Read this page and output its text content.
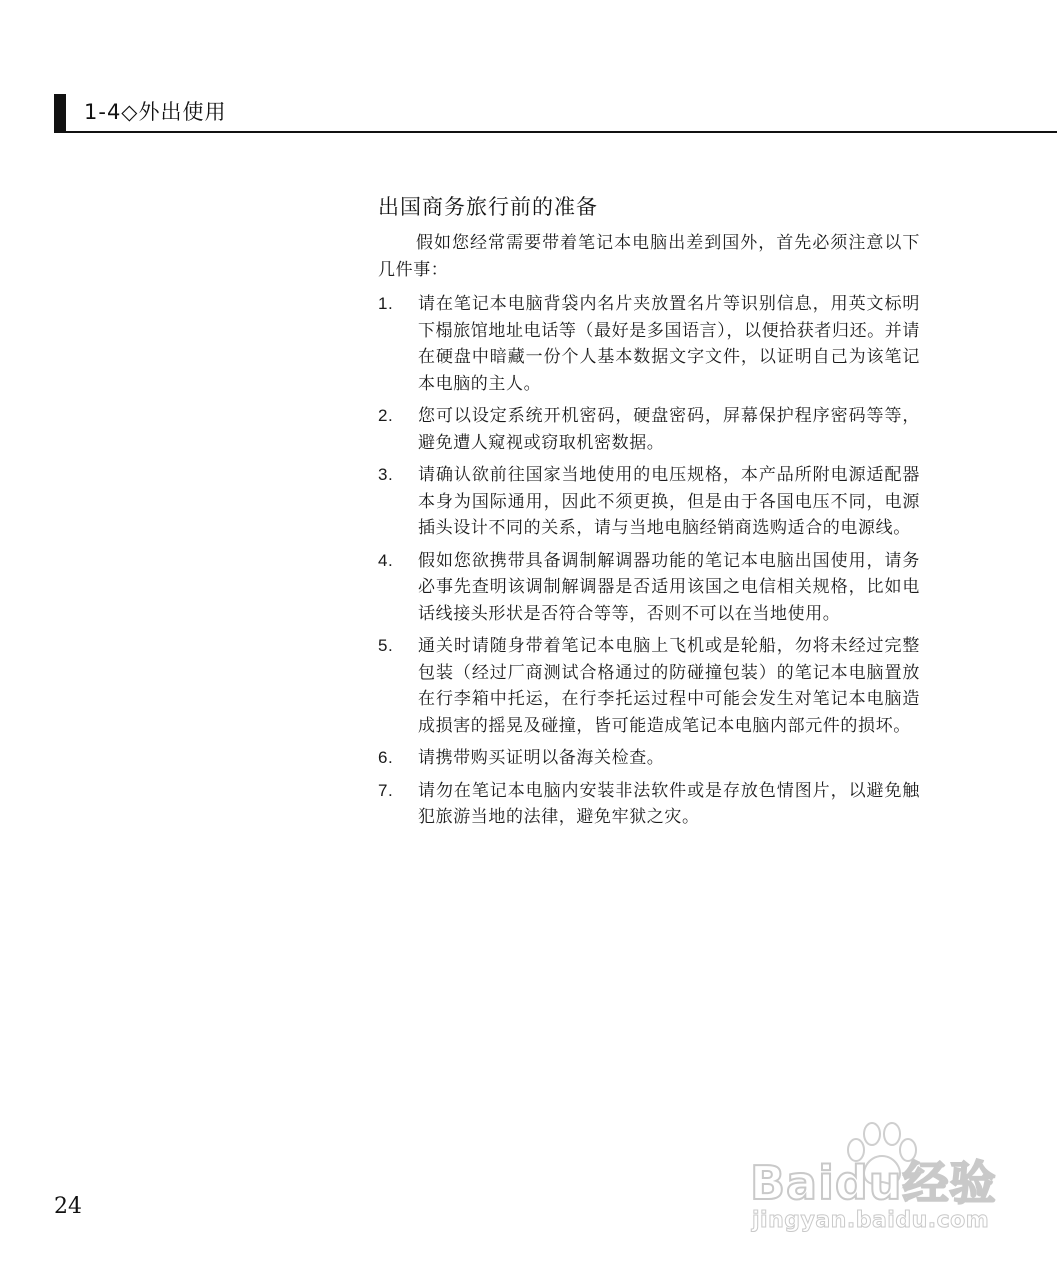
1-4◇外出使用
出国商务旅行前的准备

假如您经常需要带着笔记本电脑出差到国外，首先必须注意以下几件事：

1. 请在笔记本电脑背袋内名片夹放置名片等识别信息，用英文标明下榻旅馆地址电话等（最好是多国语言），以便拾获者归还。并请在硬盘中暗藏一份个人基本数据文字文件，以证明自己为该笔记本电脑的主人。
2. 您可以设定系统开机密码，硬盘密码，屏幕保护程序密码等等，避免遭人窥视或窃取机密数据。
3. 请确认欲前往国家当地使用的电压规格，本产品所附电源适配器本身为国际通用，因此不须更换，但是由于各国电压不同，电源插头设计不同的关系，请与当地电脑经销商选购适合的电源线。
4. 假如您欲携带具备调制解调器功能的笔记本电脑出国使用，请务必事先查明该调制解调器是否适用该国之电信相关规格，比如电话线接头形状是否符合等等，否则不可以在当地使用。
5. 通关时请随身带着笔记本电脑上飞机或是轮船，勿将未经过完整包装（经过厂商测试合格通过的防碰撞包装）的笔记本电脑置放在行李箱中托运，在行李托运过程中可能会发生对笔记本电脑造成损害的摇晃及碰撞，皆可能造成笔记本电脑内部元件的损坏。
6. 请携带购买证明以备海关检查。
7. 请勿在笔记本电脑内安装非法软件或是存放色情图片，以避免触犯旅游当地的法律，避免牢狱之灾。
24	Baidu经验
jingyan.baidu.com
